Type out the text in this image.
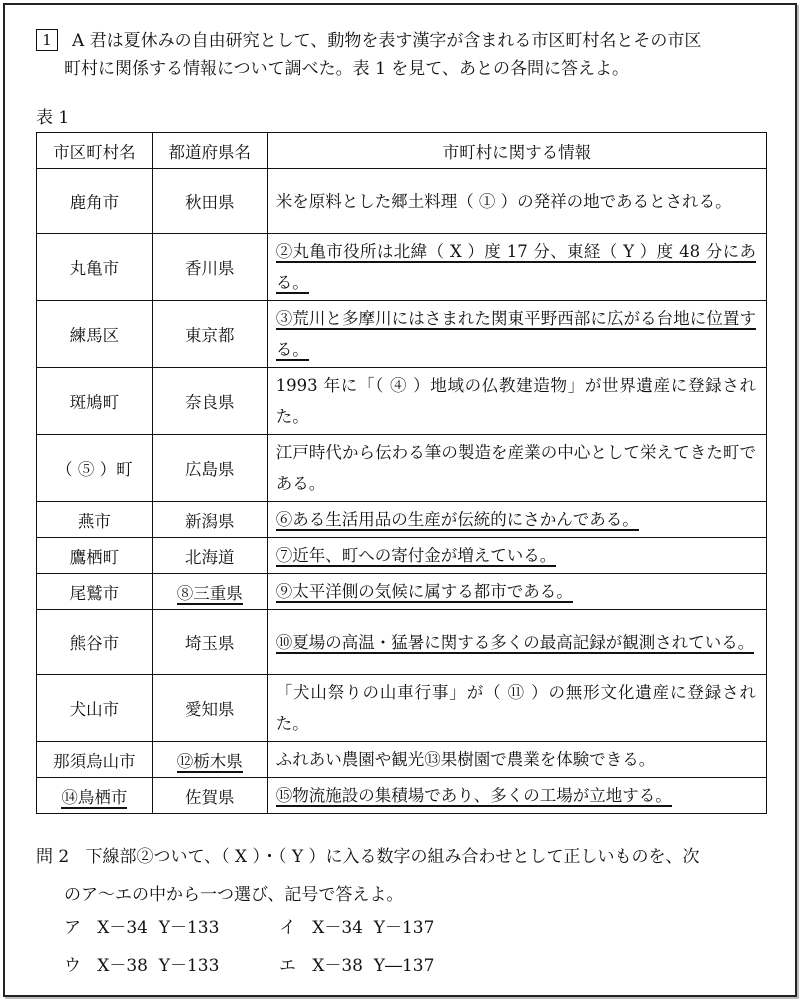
1 A 君は夏休みの自由研究として、動物を表す漢字が含まれる市区町村名とその市区
町村に関係する情報について調べた。表 1 を見て、あとの各問に答えよ。
表 1
市区町村名	都道府県名	市町村に関する情報
鹿角市	秋田県	米を原料とした郷土料理（ ① ）の発祥の地であるとされる。
丸亀市	香川県	②丸亀市役所は北緯（ X ）度 17 分、東経（ Y ）度 48 分にある。
練馬区	東京都	③荒川と多摩川にはさまれた関東平野西部に広がる台地に位置する。
斑鳩町	奈良県	1993 年に「（ ④ ）地域の仏教建造物」が世界遺産に登録された。
（ ⑤ ）町	広島県	江戸時代から伝わる筆の製造を産業の中心として栄えてきた町である。
燕市	新潟県	⑥ある生活用品の生産が伝統的にさかんである。
鷹栖町	北海道	⑦近年、町への寄付金が増えている。
尾鷲市	⑧三重県	⑨太平洋側の気候に属する都市である。
熊谷市	埼玉県	⑩夏場の高温・猛暑に関する多くの最高記録が観測されている。
犬山市	愛知県	「犬山祭りの山車行事」が（ ⑪ ）の無形文化遺産に登録された。
那須烏山市	⑫栃木県	ふれあい農園や観光⑬果樹園で農業を体験できる。
⑭鳥栖市	佐賀県	⑮物流施設の集積場であり、多くの工場が立地する。
問 2 下線部②ついて、（ X ）・（ Y ）に入る数字の組み合わせとして正しいものを、次
のア～エの中から一つ選び、記号で答えよ。
ア X－34 Y－133	イ X－34 Y－137
ウ X－38 Y－133	エ X－38 Y―137
